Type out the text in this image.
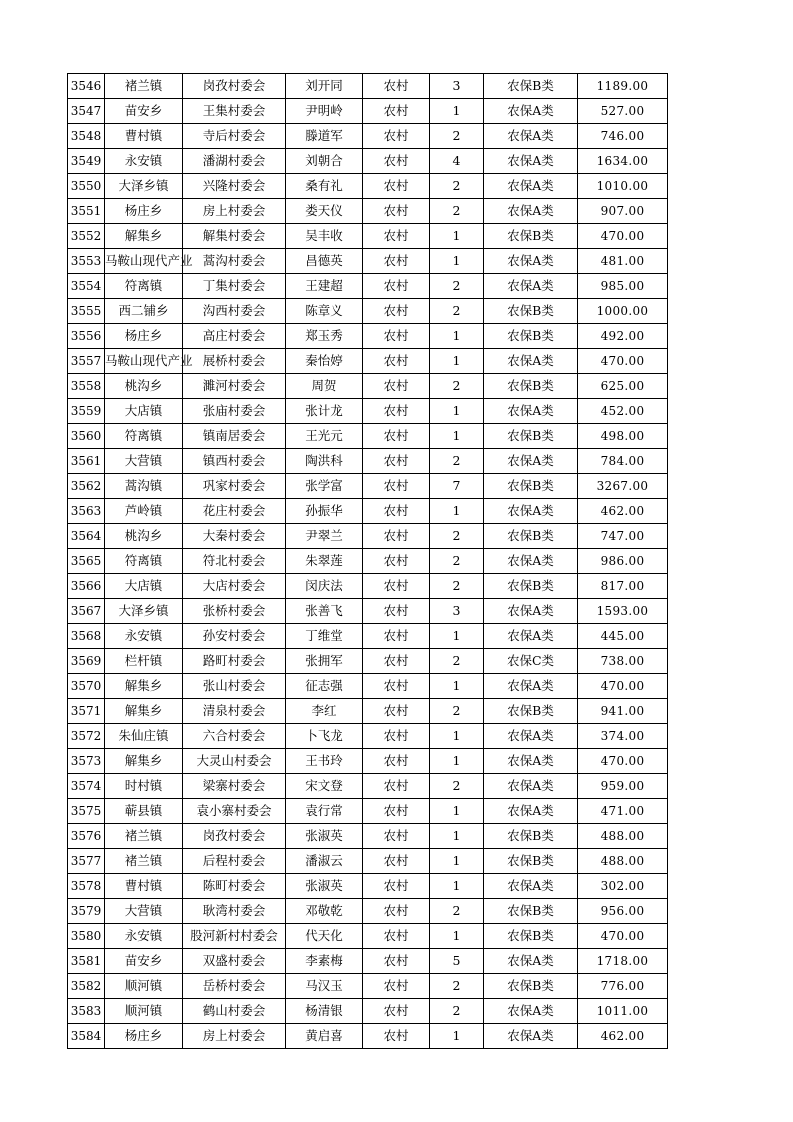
3546	褚兰镇	岗孜村委会	刘开同	农村	3	农保B类	1189.00
3547	苗安乡	王集村委会	尹明岭	农村	1	农保A类	527.00
3548	曹村镇	寺后村委会	滕道军	农村	2	农保A类	746.00
3549	永安镇	潘湖村委会	刘朝合	农村	4	农保A类	1634.00
3550	大泽乡镇	兴隆村委会	桑有礼	农村	2	农保A类	1010.00
3551	杨庄乡	房上村委会	娄天仪	农村	2	农保A类	907.00
3552	解集乡	解集村委会	吴丰收	农村	1	农保B类	470.00
3553	马鞍山现代产业	蒿沟村委会	昌德英	农村	1	农保A类	481.00
3554	符离镇	丁集村委会	王建超	农村	2	农保A类	985.00
3555	西二铺乡	沟西村委会	陈章义	农村	2	农保B类	1000.00
3556	杨庄乡	高庄村委会	郑玉秀	农村	1	农保B类	492.00
3557	马鞍山现代产业	展桥村委会	秦怡婷	农村	1	农保A类	470.00
3558	桃沟乡	濉河村委会	周贺	农村	2	农保B类	625.00
3559	大店镇	张庙村委会	张计龙	农村	1	农保A类	452.00
3560	符离镇	镇南居委会	王光元	农村	1	农保B类	498.00
3561	大营镇	镇西村委会	陶洪科	农村	2	农保A类	784.00
3562	蒿沟镇	巩家村委会	张学富	农村	7	农保B类	3267.00
3563	芦岭镇	花庄村委会	孙振华	农村	1	农保A类	462.00
3564	桃沟乡	大秦村委会	尹翠兰	农村	2	农保B类	747.00
3565	符离镇	符北村委会	朱翠莲	农村	2	农保A类	986.00
3566	大店镇	大店村委会	闵庆法	农村	2	农保B类	817.00
3567	大泽乡镇	张桥村委会	张善飞	农村	3	农保A类	1593.00
3568	永安镇	孙安村委会	丁维堂	农村	1	农保A类	445.00
3569	栏杆镇	路町村委会	张拥军	农村	2	农保C类	738.00
3570	解集乡	张山村委会	征志强	农村	1	农保A类	470.00
3571	解集乡	清泉村委会	李红	农村	2	农保B类	941.00
3572	朱仙庄镇	六合村委会	卜飞龙	农村	1	农保A类	374.00
3573	解集乡	大灵山村委会	王书玲	农村	1	农保A类	470.00
3574	时村镇	梁寨村委会	宋文登	农村	2	农保A类	959.00
3575	蕲县镇	袁小寨村委会	袁行常	农村	1	农保A类	471.00
3576	褚兰镇	岗孜村委会	张淑英	农村	1	农保B类	488.00
3577	褚兰镇	后程村委会	潘淑云	农村	1	农保B类	488.00
3578	曹村镇	陈町村委会	张淑英	农村	1	农保A类	302.00
3579	大营镇	耿湾村委会	邓敬乾	农村	2	农保B类	956.00
3580	永安镇	股河新村村委会	代天化	农村	1	农保B类	470.00
3581	苗安乡	双盛村委会	李素梅	农村	5	农保A类	1718.00
3582	顺河镇	岳桥村委会	马汉玉	农村	2	农保B类	776.00
3583	顺河镇	鹤山村委会	杨清银	农村	2	农保A类	1011.00
3584	杨庄乡	房上村委会	黄启喜	农村	1	农保A类	462.00
